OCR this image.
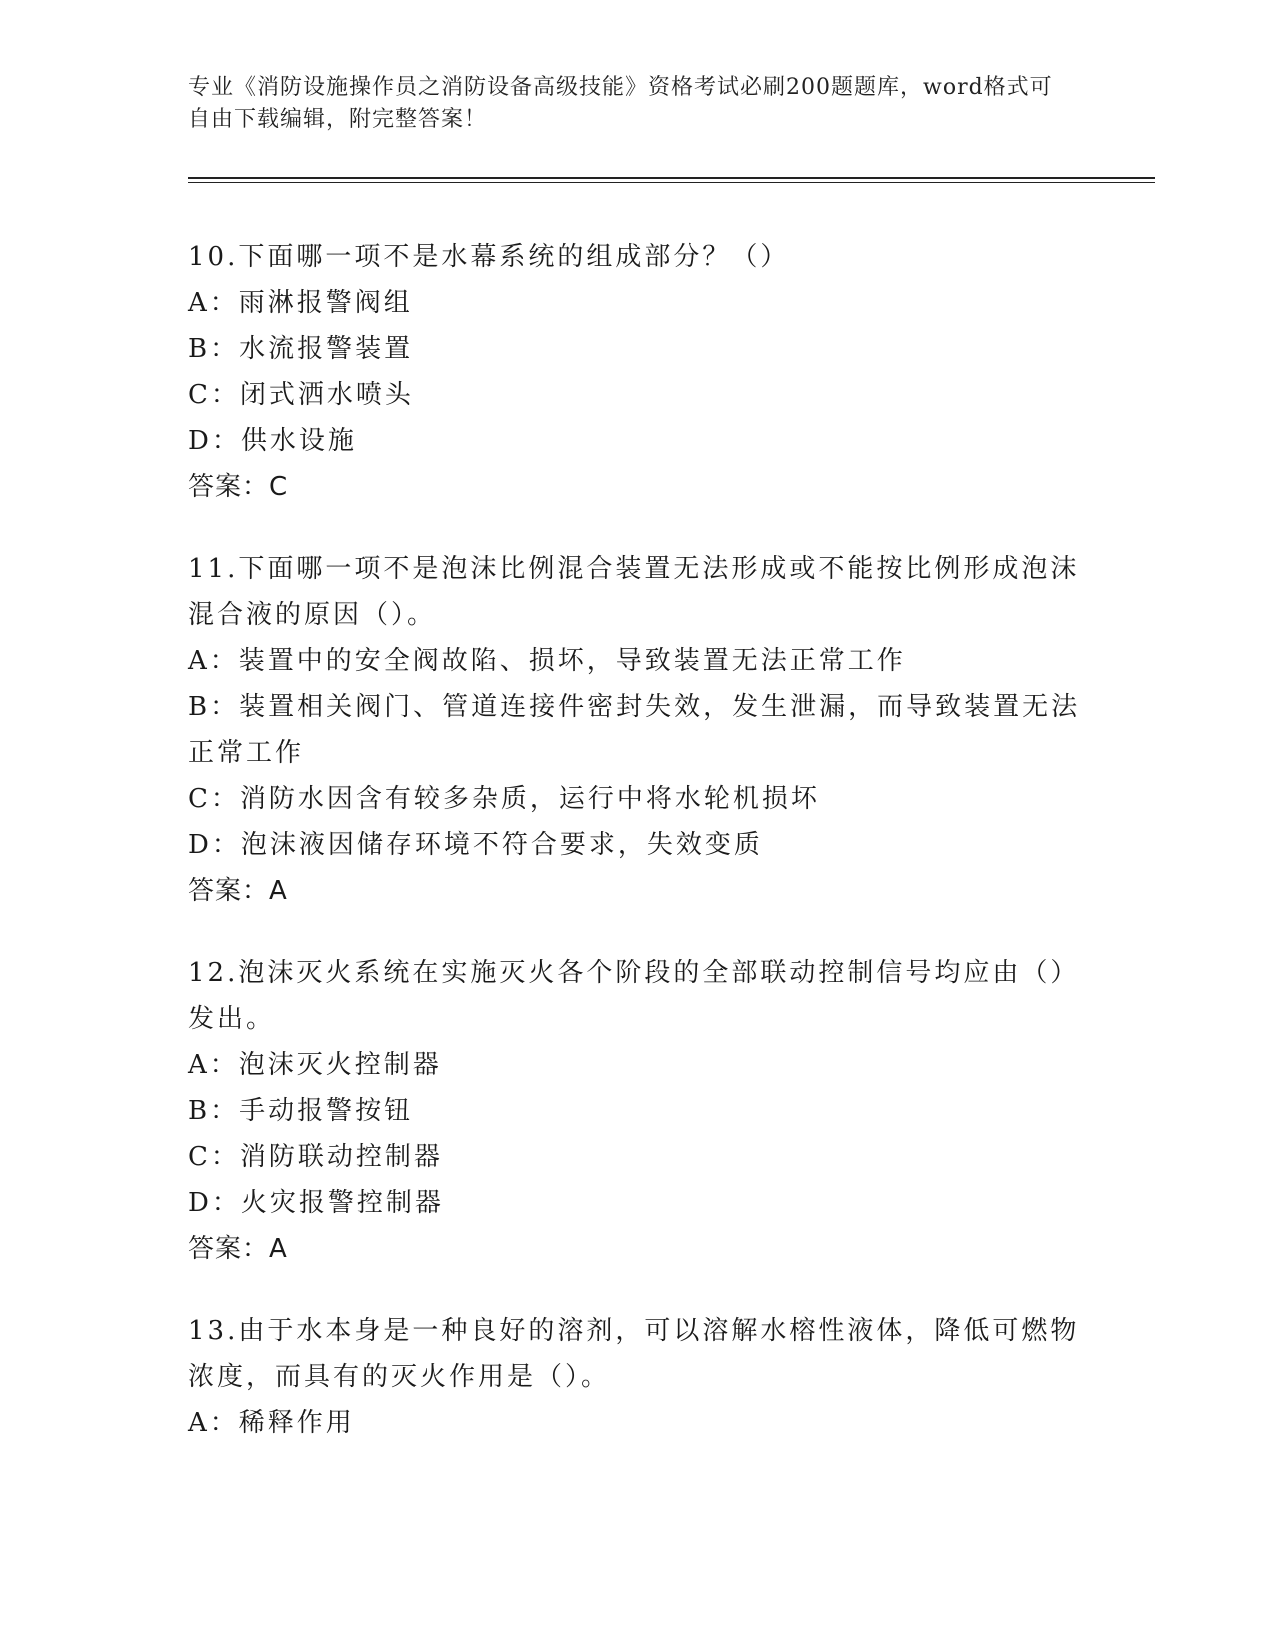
专业《消防设施操作员之消防设备高级技能》资格考试必刷200题题库，word格式可自由下载编辑，附完整答案！

10.下面哪一项不是水幕系统的组成部分？（）

A：雨淋报警阀组

B：水流报警装置

C：闭式洒水喷头

D：供水设施

答案：C

11.下面哪一项不是泡沫比例混合装置无法形成或不能按比例形成泡沫混合液的原因（）。

A：装置中的安全阀故陷、损坏，导致装置无法正常工作

B：装置相关阀门、管道连接件密封失效，发生泄漏，而导致装置无法正常工作

C：消防水因含有较多杂质，运行中将水轮机损坏

D：泡沫液因储存环境不符合要求，失效变质

答案：A

12.泡沫灭火系统在实施灭火各个阶段的全部联动控制信号均应由（）发出。

A：泡沫灭火控制器

B：手动报警按钮

C：消防联动控制器

D：火灾报警控制器

答案：A

13.由于水本身是一种良好的溶剂，可以溶解水榕性液体，降低可燃物浓度，而具有的灭火作用是（）。

A：稀释作用
